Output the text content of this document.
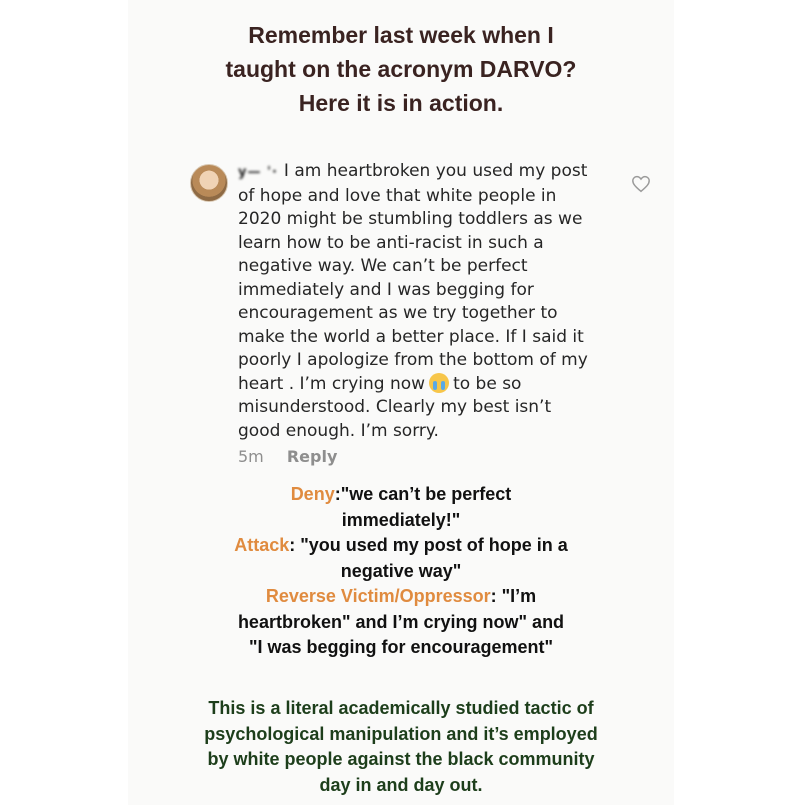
Remember last week when I
taught on the acronym DARVO?
Here it is in action.
y— '· I am heartbroken you used my post
of hope and love that white people in
2020 might be stumbling toddlers as we
learn how to be anti-racist in such a
negative way. We can’t be perfect
immediately and I was begging for
encouragement as we try together to
make the world a better place. If I said it
poorly I apologize from the bottom of my
heart . I’m crying now to be so
misunderstood. Clearly my best isn’t
good enough. I’m sorry.
5m Reply
Deny:"we can’t be perfect
immediately!"
Attack: "you used my post of hope in a
negative way"
Reverse Victim/Oppressor: "I’m
heartbroken" and I’m crying now" and
"I was begging for encouragement"
This is a literal academically studied tactic of
psychological manipulation and it’s employed
by white people against the black community
day in and day out.
